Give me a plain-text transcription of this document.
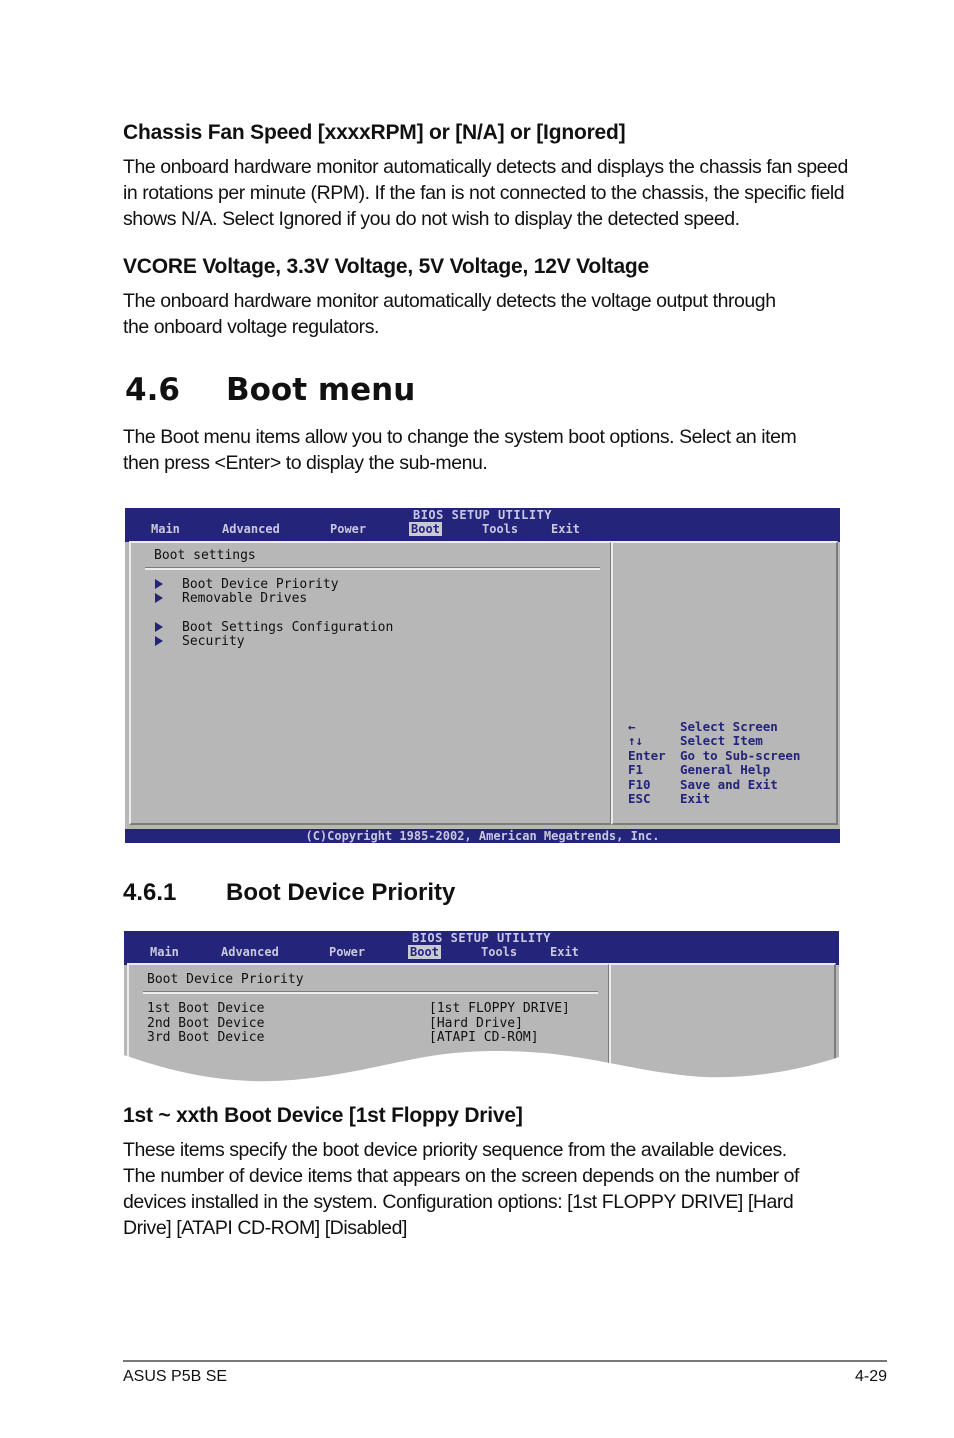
Chassis Fan Speed [xxxxRPM] or [N/A] or [Ignored]
The onboard hardware monitor automatically detects and displays the chassis fan speed
in rotations per minute (RPM). If the fan is not connected to the chassis, the specific field
shows N/A. Select Ignored if you do not wish to display the detected speed.
VCORE Voltage, 3.3V Voltage, 5V Voltage, 12V Voltage
The onboard hardware monitor automatically detects the voltage output through
the onboard voltage regulators.
4.6 Boot menu
The Boot menu items allow you to change the system boot options. Select an item
then press <Enter> to display the sub-menu.
BIOS SETUP UTILITY
Main	Advanced	Power	Boot	Tools	Exit
Boot settings
Boot Device Priority
Removable Drives
Boot Settings Configuration
Security
←	Select Screen
↑↓	Select Item
Enter Go to Sub-screen
F1	General Help
F10 Save and Exit
ESC Exit
(C)Copyright 1985-2002, American Megatrends, Inc.
4.6.1 Boot Device Priority
BIOS SETUP UTILITY
Main	Advanced	Power	Boot	Tools	Exit
Boot Device Priority
1st Boot Device	[1st FLOPPY DRIVE]
2nd Boot Device	[Hard Drive]
3rd Boot Device	[ATAPI CD-ROM]
1st ~ xxth Boot Device [1st Floppy Drive]
These items specify the boot device priority sequence from the available devices.
The number of device items that appears on the screen depends on the number of
devices installed in the system. Configuration options: [1st FLOPPY DRIVE] [Hard
Drive] [ATAPI CD-ROM] [Disabled]
ASUS P5B SE	4-29
